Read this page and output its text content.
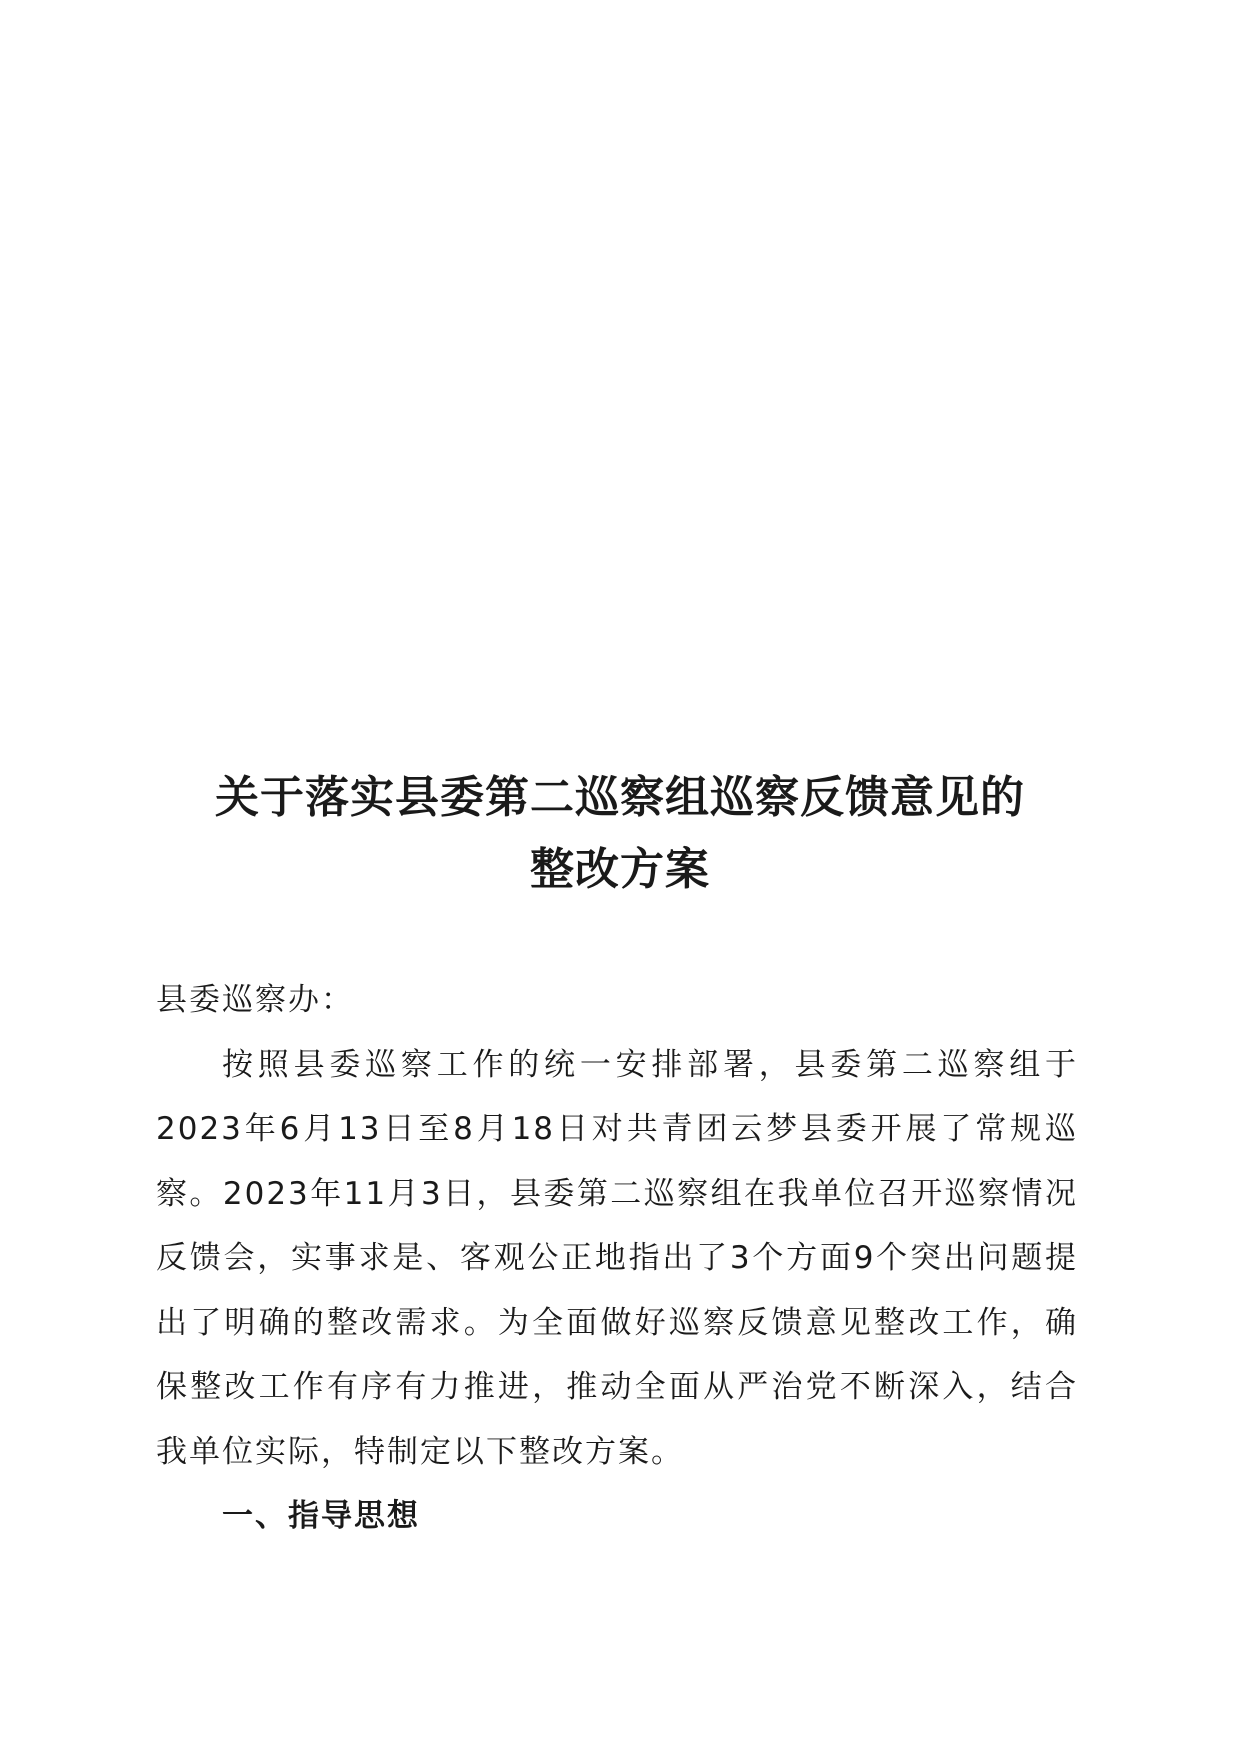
关于落实县委第二巡察组巡察反馈意见的
整改方案

县委巡察办：

按照县委巡察工作的统一安排部署，县委第二巡察组于2023年6月13日至8月18日对共青团云梦县委开展了常规巡察。2023年11月3日，县委第二巡察组在我单位召开巡察情况反馈会，实事求是、客观公正地指出了3个方面9个突出问题提出了明确的整改需求。为全面做好巡察反馈意见整改工作，确保整改工作有序有力推进，推动全面从严治党不断深入，结合我单位实际，特制定以下整改方案。

一、指导思想
